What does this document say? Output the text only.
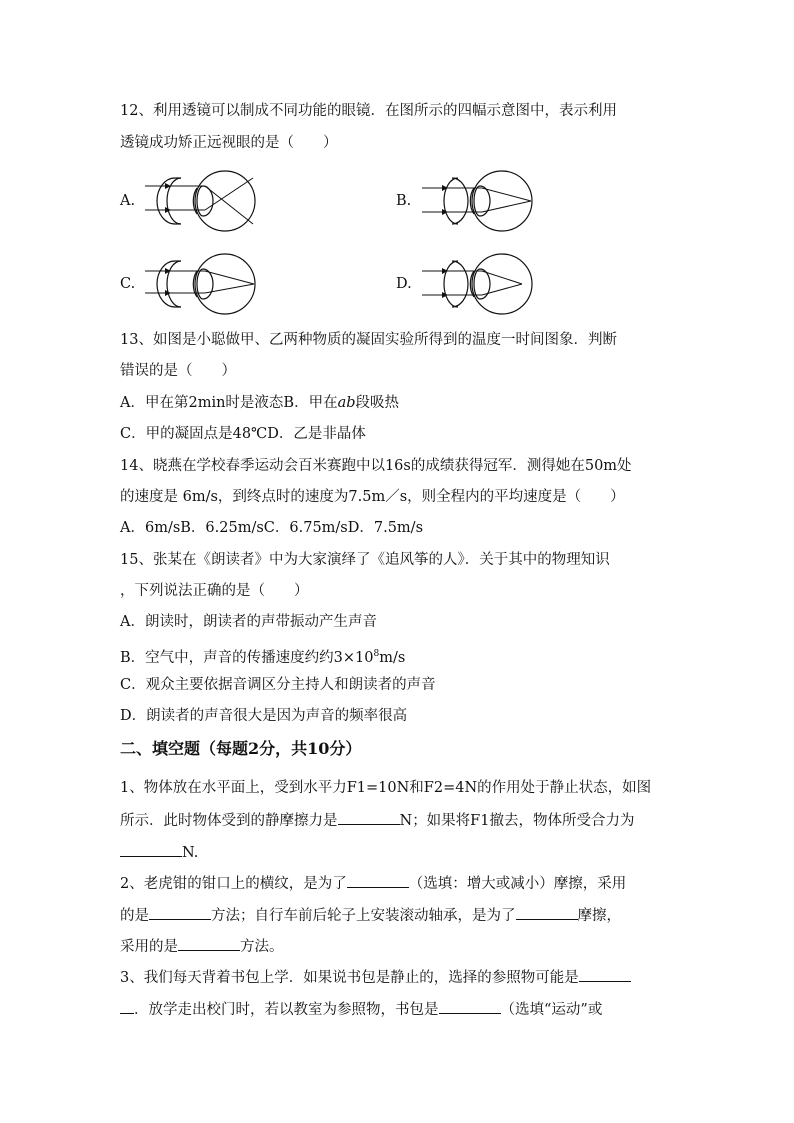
12、利用透镜可以制成不同功能的眼镜．在图所示的四幅示意图中，表示利用
透镜成功矫正远视眼的是（　　）
A.	B.
C.	D.
13、如图是小聪做甲、乙两种物质的凝固实验所得到的温度一时间图象．判断
错误的是（　　）
A．甲在第2min时是液态B．甲在ab段吸热
C．甲的凝固点是48℃D．乙是非晶体
14、晓燕在学校春季运动会百米赛跑中以16s的成绩获得冠军．测得她在50m处
的速度是 6m/s，到终点时的速度为7.5m／s，则全程内的平均速度是（　　）
A．6m/sB．6.25m/sC．6.75m/sD．7.5m/s
15、张某在《朗读者》中为大家演绎了《追风筝的人》．关于其中的物理知识
，下列说法正确的是（　　）
A．朗读时，朗读者的声带振动产生声音
B．空气中，声音的传播速度约约$3\times 10^8m/s$
C．观众主要依据音调区分主持人和朗读者的声音
D．朗读者的声音很大是因为声音的频率很高
二、填空题（每题2分，共10分）
1、物体放在水平面上，受到水平力F1=10N和F2=4N的作用处于静止状态，如图
所示．此时物体受到的静摩擦力是	N；如果将F1撤去，物体所受合力为
N.
2、老虎钳的钳口上的横纹，是为了	（选填：增大或减小）摩擦，采用
的是	方法；自行车前后轮子上安装滚动轴承，是为了	摩擦，
采用的是	方法。
3、我们每天背着书包上学．如果说书包是静止的，选择的参照物可能是
．放学走出校门时，若以教室为参照物，书包是	（选填“运动”或
